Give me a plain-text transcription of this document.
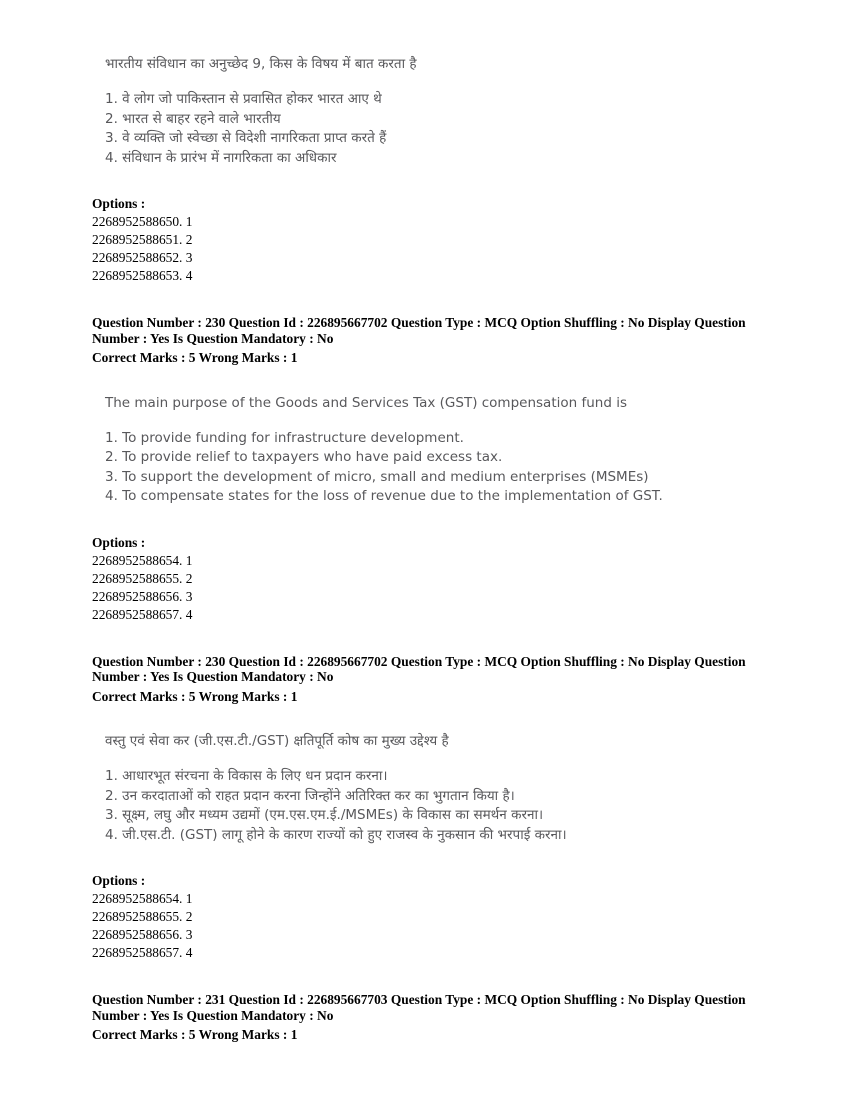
भारतीय संविधान का अनुच्छेद 9, किस के विषय में बात करता है

1. वे लोग जो पाकिस्तान से प्रवासित होकर भारत आए थे

2. भारत से बाहर रहने वाले भारतीय

3. वे व्यक्ति जो स्वेच्छा से विदेशी नागरिकता प्राप्त करते हैं

4. संविधान के प्रारंभ में नागरिकता का अधिकार

Options :

2268952588650. 1

2268952588651. 2

2268952588652. 3

2268952588653. 4

Question Number : 230 Question Id : 226895667702 Question Type : MCQ Option Shuffling : No Display Question Number : Yes Is Question Mandatory : No

Correct Marks : 5 Wrong Marks : 1

The main purpose of the Goods and Services Tax (GST) compensation fund is

1. To provide funding for infrastructure development.

2. To provide relief to taxpayers who have paid excess tax.

3. To support the development of micro, small and medium enterprises (MSMEs)

4. To compensate states for the loss of revenue due to the implementation of GST.

Options :

2268952588654. 1

2268952588655. 2

2268952588656. 3

2268952588657. 4

Question Number : 230 Question Id : 226895667702 Question Type : MCQ Option Shuffling : No Display Question Number : Yes Is Question Mandatory : No

Correct Marks : 5 Wrong Marks : 1

वस्तु एवं सेवा कर (जी.एस.टी./GST) क्षतिपूर्ति कोष का मुख्य उद्देश्य है

1. आधारभूत संरचना के विकास के लिए धन प्रदान करना।

2. उन करदाताओं को राहत प्रदान करना जिन्होंने अतिरिक्त कर का भुगतान किया है।

3. सूक्ष्म, लघु और मध्यम उद्यमों (एम.एस.एम.ई./MSMEs) के विकास का समर्थन करना।

4. जी.एस.टी. (GST) लागू होने के कारण राज्यों को हुए राजस्व के नुकसान की भरपाई करना।

Options :

2268952588654. 1

2268952588655. 2

2268952588656. 3

2268952588657. 4

Question Number : 231 Question Id : 226895667703 Question Type : MCQ Option Shuffling : No Display Question Number : Yes Is Question Mandatory : No

Correct Marks : 5 Wrong Marks : 1
